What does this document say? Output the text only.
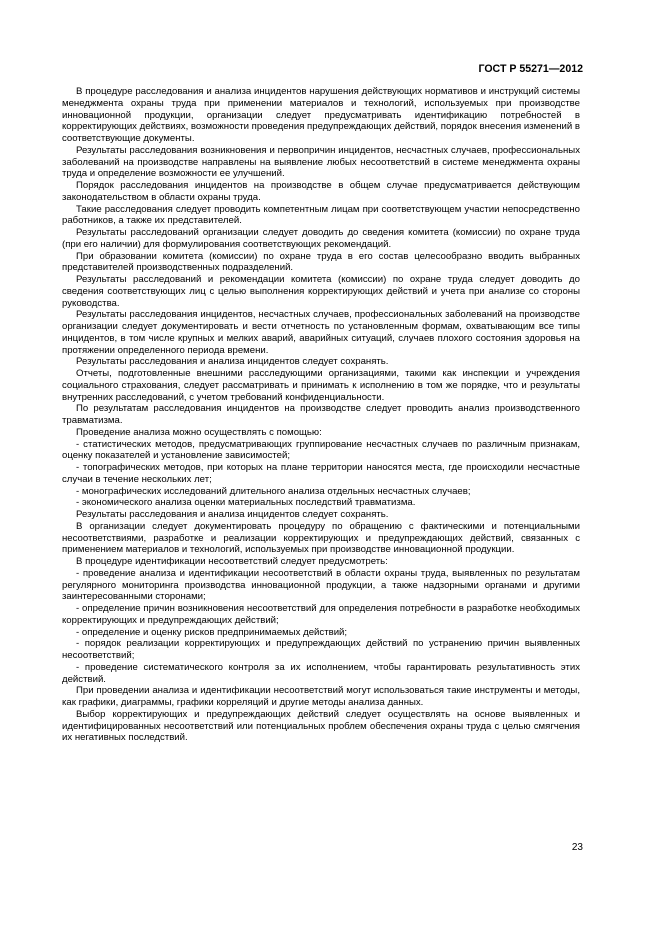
ГОСТ Р 55271—2012

В процедуре расследования и анализа инцидентов нарушения действующих нормативов и инструкций системы менеджмента охраны труда при применении материалов и технологий, используемых при производстве инновационной продукции, организации следует предусматривать идентификацию потребностей в корректирующих действиях, возможности проведения предупреждающих действий, порядок внесения изменений в соответствующие документы.

Результаты расследования возникновения и первопричин инцидентов, несчастных случаев, профессиональных заболеваний на производстве направлены на выявление любых несоответствий в системе менеджмента охраны труда и определение возможности ее улучшений.

Порядок расследования инцидентов на производстве в общем случае предусматривается действующим законодательством в области охраны труда.

Такие расследования следует проводить компетентным лицам при соответствующем участии непосредственно работников, а также их представителей.

Результаты расследований организации следует доводить до сведения комитета (комиссии) по охране труда (при его наличии) для формулирования соответствующих рекомендаций.

При образовании комитета (комиссии) по охране труда в его состав целесообразно вводить выбранных представителей производственных подразделений.

Результаты расследований и рекомендации комитета (комиссии) по охране труда следует доводить до сведения соответствующих лиц с целью выполнения корректирующих действий и учета при анализе со стороны руководства.

Результаты расследования инцидентов, несчастных случаев, профессиональных заболеваний на производстве организации следует документировать и вести отчетность по установленным формам, охватывающим все типы инцидентов, в том числе крупных и мелких аварий, аварийных ситуаций, случаев плохого состояния здоровья на протяжении определенного периода времени.

Результаты расследования и анализа инцидентов следует сохранять.

Отчеты, подготовленные внешними расследующими организациями, такими как инспекции и учреждения социального страхования, следует рассматривать и принимать к исполнению в том же порядке, что и результаты внутренних расследований, с учетом требований конфиденциальности.

По результатам расследования инцидентов на производстве следует проводить анализ производственного травматизма.

Проведение анализа можно осуществлять с помощью:

- статистических методов, предусматривающих группирование несчастных случаев по различным признакам, оценку показателей и установление зависимостей;

- топографических методов, при которых на плане территории наносятся места, где происходили несчастные случаи в течение нескольких лет;

- монографических исследований длительного анализа отдельных несчастных случаев;

- экономического анализа оценки материальных последствий травматизма.

Результаты расследования и анализа инцидентов следует сохранять.

В организации следует документировать процедуру по обращению с фактическими и потенциальными несоответствиями, разработке и реализации корректирующих и предупреждающих действий, связанных с применением материалов и технологий, используемых при производстве инновационной продукции.

В процедуре идентификации несоответствий следует предусмотреть:

- проведение анализа и идентификации несоответствий в области охраны труда, выявленных по результатам регулярного мониторинга производства инновационной продукции, а также надзорными органами и другими заинтересованными сторонами;

- определение причин возникновения несоответствий для определения потребности в разработке необходимых корректирующих и предупреждающих действий;

- определение и оценку рисков предпринимаемых действий;

- порядок реализации корректирующих и предупреждающих действий по устранению причин выявленных несоответствий;

- проведение систематического контроля за их исполнением, чтобы гарантировать результативность этих действий.

При проведении анализа и идентификации несоответствий могут использоваться такие инструменты и методы, как графики, диаграммы, графики корреляций и другие методы анализа данных.

Выбор корректирующих и предупреждающих действий следует осуществлять на основе выявленных и идентифицированных несоответствий или потенциальных проблем обеспечения охраны труда с целью смягчения их негативных последствий.

23
